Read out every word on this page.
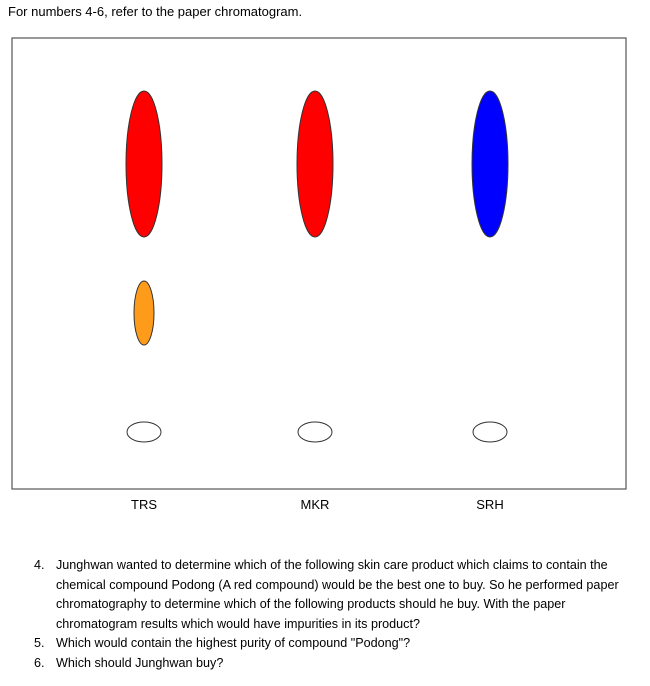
For numbers 4-6, refer to the paper chromatogram.
TRS	MKR	SRH
4. Junghwan wanted to determine which of the following skin care product which claims to contain the chemical compound Podong (A red compound) would be the best one to buy. So he performed paper chromatography to determine which of the following products should he buy. With the paper chromatogram results which would have impurities in its product?
5. Which would contain the highest purity of compound "Podong"?
6. Which should Junghwan buy?
